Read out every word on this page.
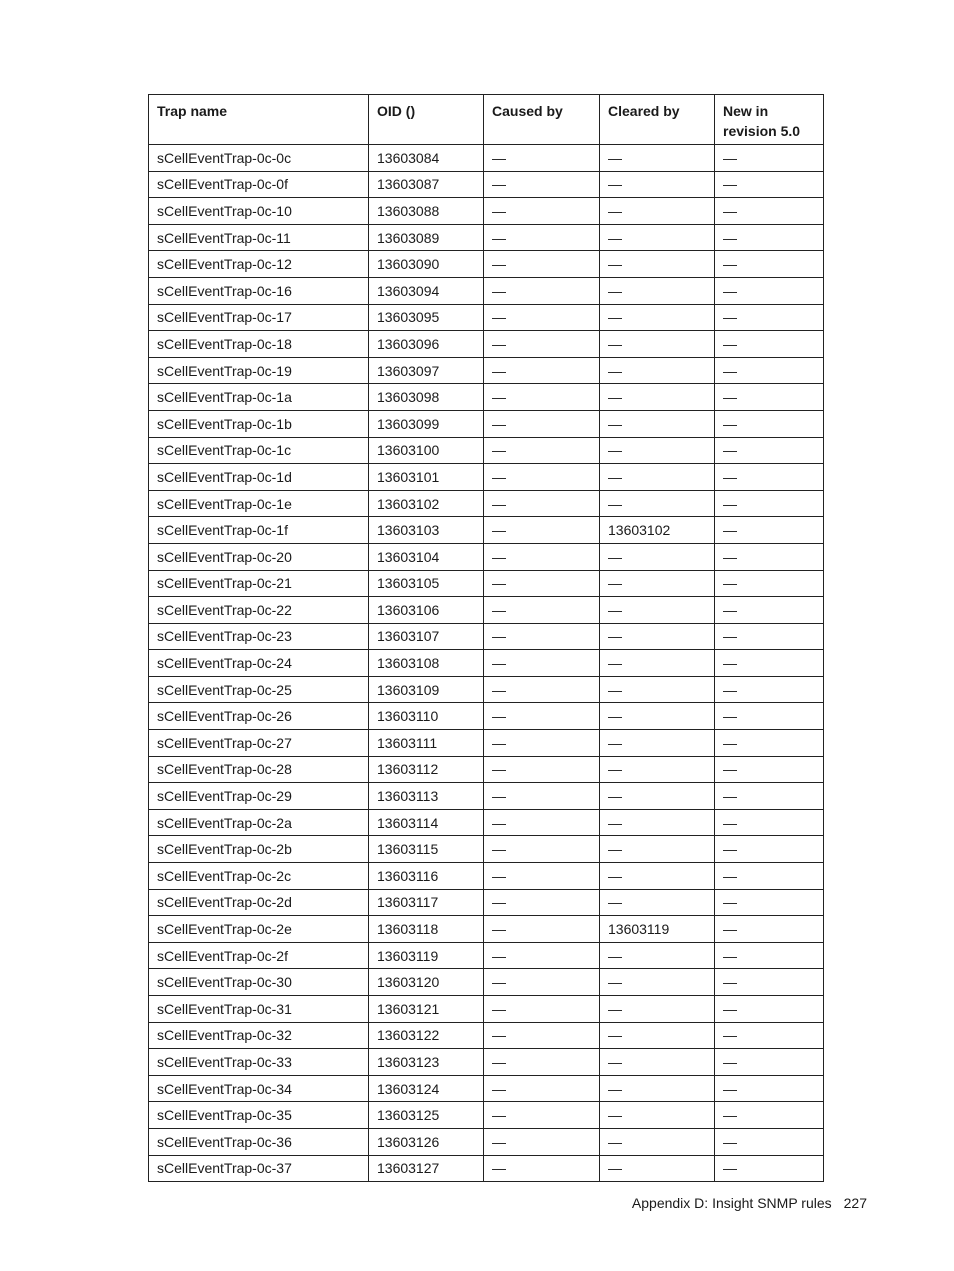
Trap name	OID ()	Caused by	Cleared by	New in revision 5.0
sCellEventTrap-0c-0c	13603084	—	—	—
sCellEventTrap-0c-0f	13603087	—	—	—
sCellEventTrap-0c-10	13603088	—	—	—
sCellEventTrap-0c-11	13603089	—	—	—
sCellEventTrap-0c-12	13603090	—	—	—
sCellEventTrap-0c-16	13603094	—	—	—
sCellEventTrap-0c-17	13603095	—	—	—
sCellEventTrap-0c-18	13603096	—	—	—
sCellEventTrap-0c-19	13603097	—	—	—
sCellEventTrap-0c-1a	13603098	—	—	—
sCellEventTrap-0c-1b	13603099	—	—	—
sCellEventTrap-0c-1c	13603100	—	—	—
sCellEventTrap-0c-1d	13603101	—	—	—
sCellEventTrap-0c-1e	13603102	—	—	—
sCellEventTrap-0c-1f	13603103	—	13603102	—
sCellEventTrap-0c-20	13603104	—	—	—
sCellEventTrap-0c-21	13603105	—	—	—
sCellEventTrap-0c-22	13603106	—	—	—
sCellEventTrap-0c-23	13603107	—	—	—
sCellEventTrap-0c-24	13603108	—	—	—
sCellEventTrap-0c-25	13603109	—	—	—
sCellEventTrap-0c-26	13603110	—	—	—
sCellEventTrap-0c-27	13603111	—	—	—
sCellEventTrap-0c-28	13603112	—	—	—
sCellEventTrap-0c-29	13603113	—	—	—
sCellEventTrap-0c-2a	13603114	—	—	—
sCellEventTrap-0c-2b	13603115	—	—	—
sCellEventTrap-0c-2c	13603116	—	—	—
sCellEventTrap-0c-2d	13603117	—	—	—
sCellEventTrap-0c-2e	13603118	—	13603119	—
sCellEventTrap-0c-2f	13603119	—	—	—
sCellEventTrap-0c-30	13603120	—	—	—
sCellEventTrap-0c-31	13603121	—	—	—
sCellEventTrap-0c-32	13603122	—	—	—
sCellEventTrap-0c-33	13603123	—	—	—
sCellEventTrap-0c-34	13603124	—	—	—
sCellEventTrap-0c-35	13603125	—	—	—
sCellEventTrap-0c-36	13603126	—	—	—
sCellEventTrap-0c-37	13603127	—	—	—
Appendix D: Insight SNMP rules 227
